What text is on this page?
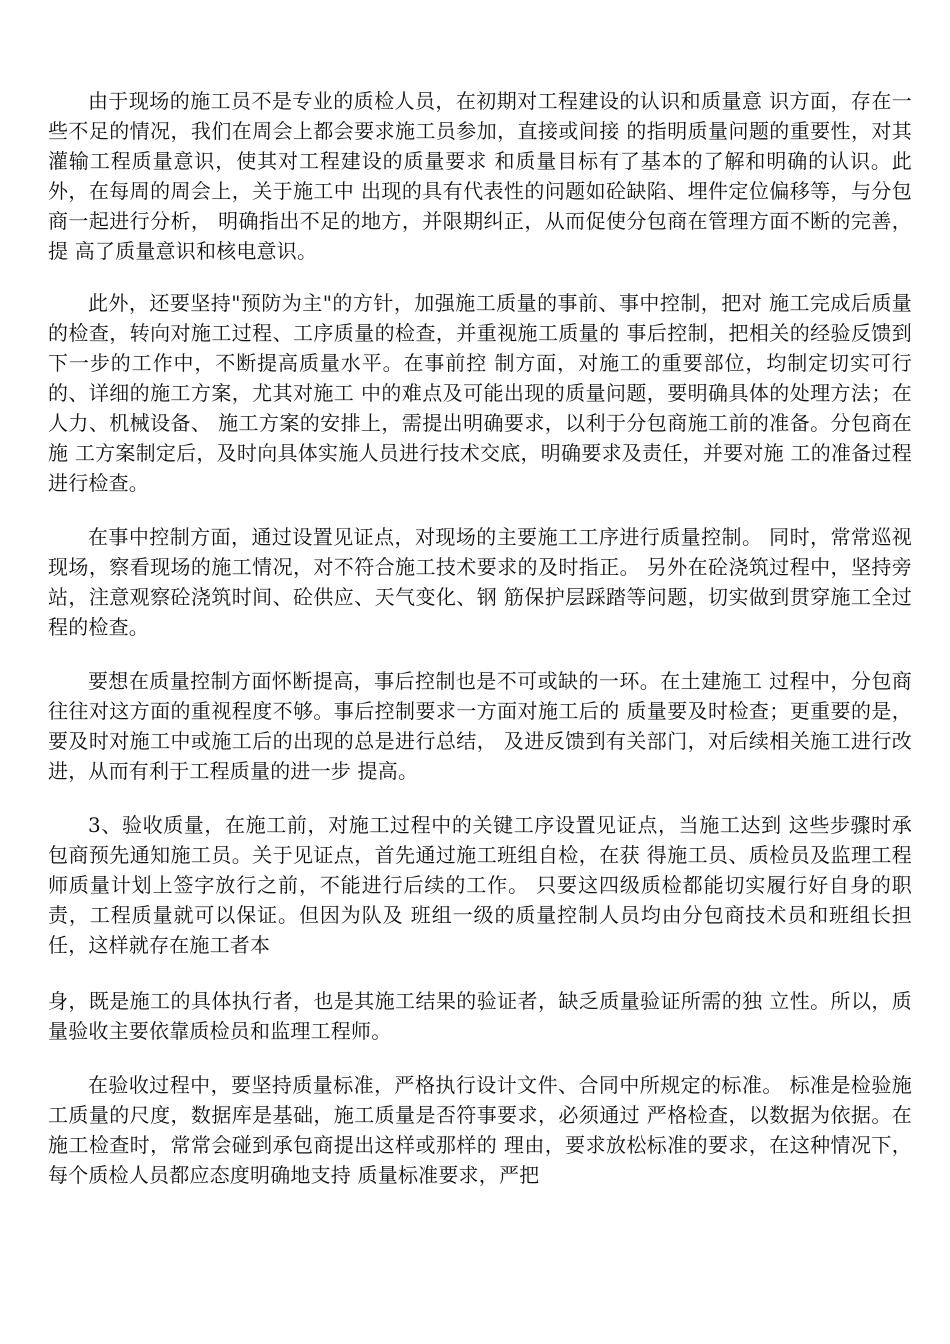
由于现场的施工员不是专业的质检人员，在初期对工程建设的认识和质量意 识方面，存在一些不足的情况，我们在周会上都会要求施工员参加，直接或间接 的指明质量问题的重要性，对其灌输工程质量意识，使其对工程建设的质量要求 和质量目标有了基本的了解和明确的认识。此外，在每周的周会上，关于施工中 出现的具有代表性的问题如砼缺陷、埋件定位偏移等，与分包商一起进行分析， 明确指出不足的地方，并限期纠正，从而促使分包商在管理方面不断的完善，提 高了质量意识和核电意识。

此外，还要坚持"预防为主"的方针，加强施工质量的事前、事中控制，把对 施工完成后质量的检查，转向对施工过程、工序质量的检查，并重视施工质量的 事后控制，把相关的经验反馈到下一步的工作中，不断提高质量水平。在事前控 制方面，对施工的重要部位，均制定切实可行的、详细的施工方案，尤其对施工 中的难点及可能出现的质量问题，要明确具体的处理方法；在人力、机械设备、 施工方案的安排上，需提出明确要求，以利于分包商施工前的准备。分包商在施 工方案制定后，及时向具体实施人员进行技术交底，明确要求及责任，并要对施 工的准备过程进行检查。

在事中控制方面，通过设置见证点，对现场的主要施工工序进行质量控制。 同时，常常巡视现场，察看现场的施工情况，对不符合施工技术要求的及时指正。 另外在砼浇筑过程中，坚持旁站，注意观察砼浇筑时间、砼供应、天气变化、钢 筋保护层踩踏等问题，切实做到贯穿施工全过程的检查。

要想在质量控制方面怀断提高，事后控制也是不可或缺的一环。在土建施工 过程中，分包商往往对这方面的重视程度不够。事后控制要求一方面对施工后的 质量要及时检查；更重要的是，要及时对施工中或施工后的出现的总是进行总结， 及进反馈到有关部门，对后续相关施工进行改进，从而有利于工程质量的进一步 提高。

3、验收质量，在施工前，对施工过程中的关键工序设置见证点，当施工达到 这些步骤时承包商预先通知施工员。关于见证点，首先通过施工班组自检，在获 得施工员、质检员及监理工程师质量计划上签字放行之前，不能进行后续的工作。 只要这四级质检都能切实履行好自身的职责，工程质量就可以保证。但因为队及 班组一级的质量控制人员均由分包商技术员和班组长担任，这样就存在施工者本

身，既是施工的具体执行者，也是其施工结果的验证者，缺乏质量验证所需的独 立性。所以，质量验收主要依靠质检员和监理工程师。

在验收过程中，要坚持质量标准，严格执行设计文件、合同中所规定的标准。 标准是检验施工质量的尺度，数据库是基础，施工质量是否符事要求，必须通过 严格检查，以数据为依据。在施工检查时，常常会碰到承包商提出这样或那样的 理由，要求放松标准的要求，在这种情况下，每个质检人员都应态度明确地支持 质量标准要求，严把
